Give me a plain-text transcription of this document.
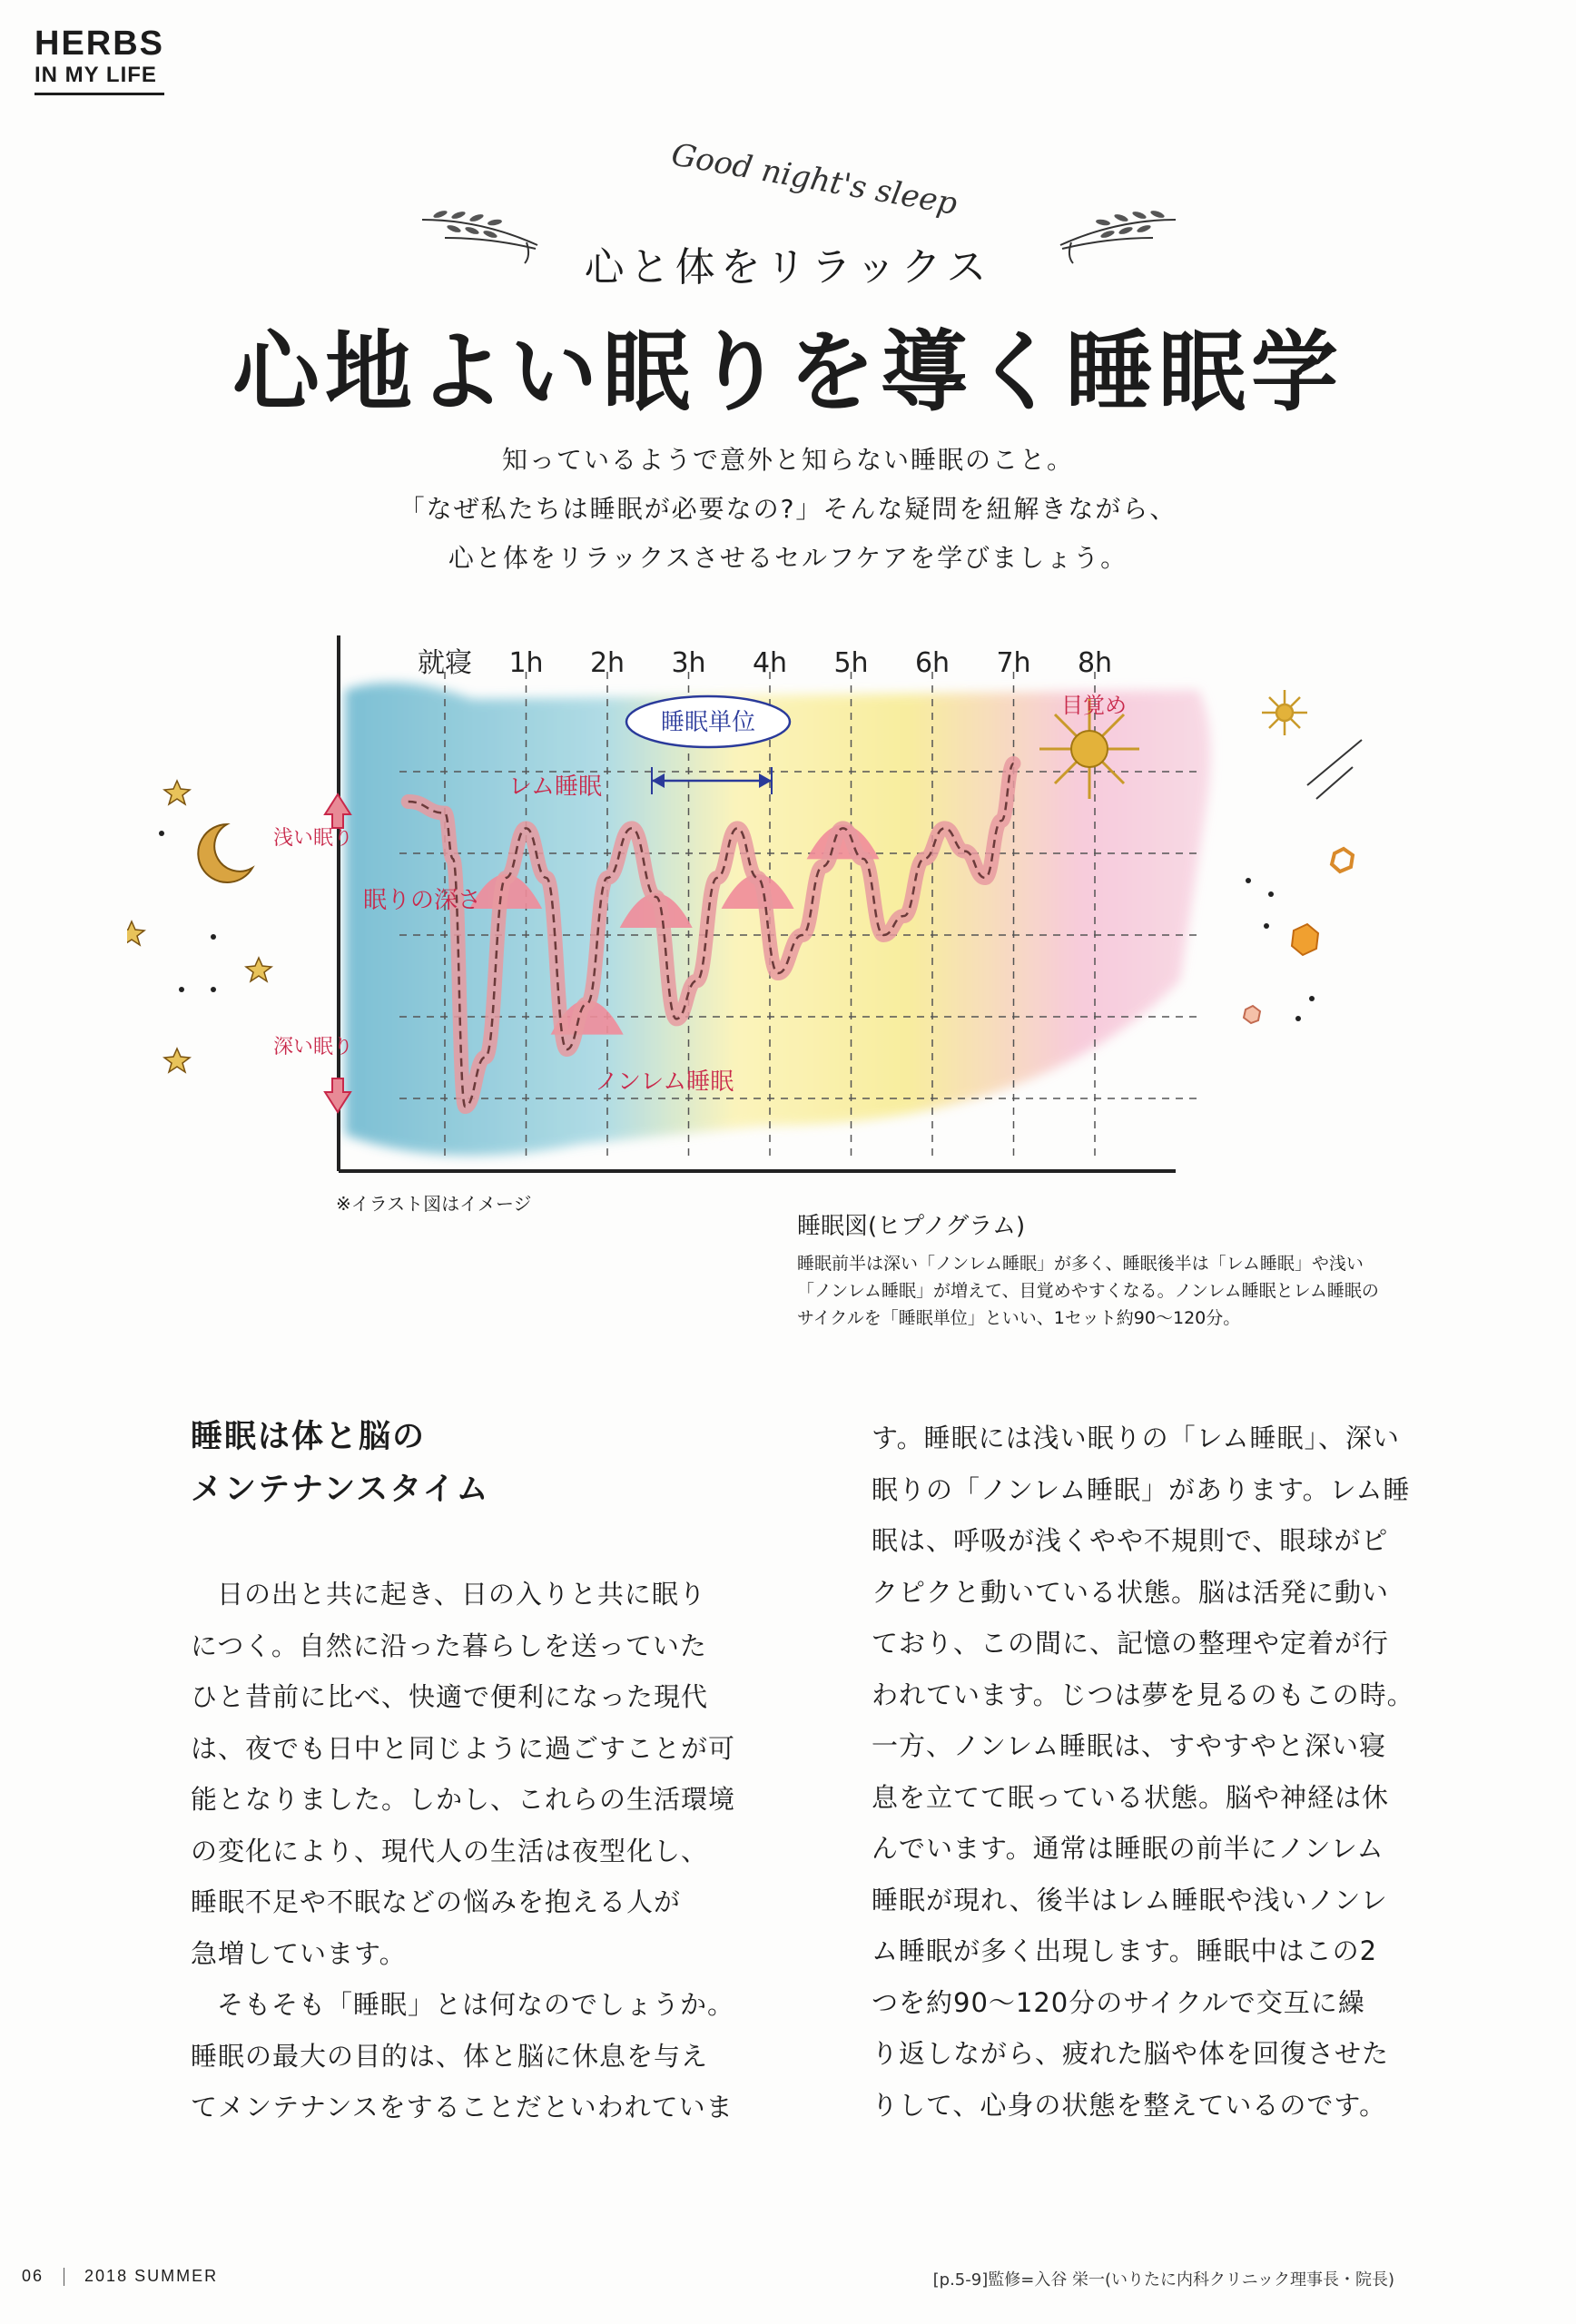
HERBS
IN MY LIFE
Good night's sleep
心と体をリラックス
心地よい眠りを導く睡眠学
知っているようで意外と知らない睡眠のこと。
「なぜ私たちは睡眠が必要なの?」そんな疑問を紐解きながら、
心と体をリラックスさせるセルフケアを学びましょう。
就寝 1h 2h 3h 4h 5h 6h 7h 8h
浅い眠り
深い眠り
眠りの深さ
レム睡眠
ノンレム睡眠
睡眠単位
目覚め
※イラスト図はイメージ
睡眠図(ヒプノグラム)
睡眠前半は深い「ノンレム睡眠」が多く、睡眠後半は「レム睡眠」や浅い
「ノンレム睡眠」が増えて、目覚めやすくなる。ノンレム睡眠とレム睡眠の
サイクルを「睡眠単位」といい、1セット約90〜120分。
睡眠は体と脳の
メンテナンスタイム

日の出と共に起き、日の入りと共に眠り
につく。自然に沿った暮らしを送っていた
ひと昔前に比べ、快適で便利になった現代
は、夜でも日中と同じように過ごすことが可
能となりました。しかし、これらの生活環境
の変化により、現代人の生活は夜型化し、
睡眠不足や不眠などの悩みを抱える人が
急増しています。

そもそも「睡眠」とは何なのでしょうか。
睡眠の最大の目的は、体と脳に休息を与え
てメンテナンスをすることだといわれていま

す。睡眠には浅い眠りの「レム睡眠」、深い
眠りの「ノンレム睡眠」があります。レム睡
眠は、呼吸が浅くやや不規則で、眼球がピ
クピクと動いている状態。脳は活発に動い
ており、この間に、記憶の整理や定着が行
われています。じつは夢を見るのもこの時。
一方、ノンレム睡眠は、すやすやと深い寝
息を立てて眠っている状態。脳や神経は休
んでいます。通常は睡眠の前半にノンレム
睡眠が現れ、後半はレム睡眠や浅いノンレ
ム睡眠が多く出現します。睡眠中はこの2
つを約90〜120分のサイクルで交互に繰
り返しながら、疲れた脳や体を回復させた
りして、心身の状態を整えているのです。
06	2018 SUMMER	[p.5-9]監修=入谷 栄一(いりたに内科クリニック理事長・院長)
